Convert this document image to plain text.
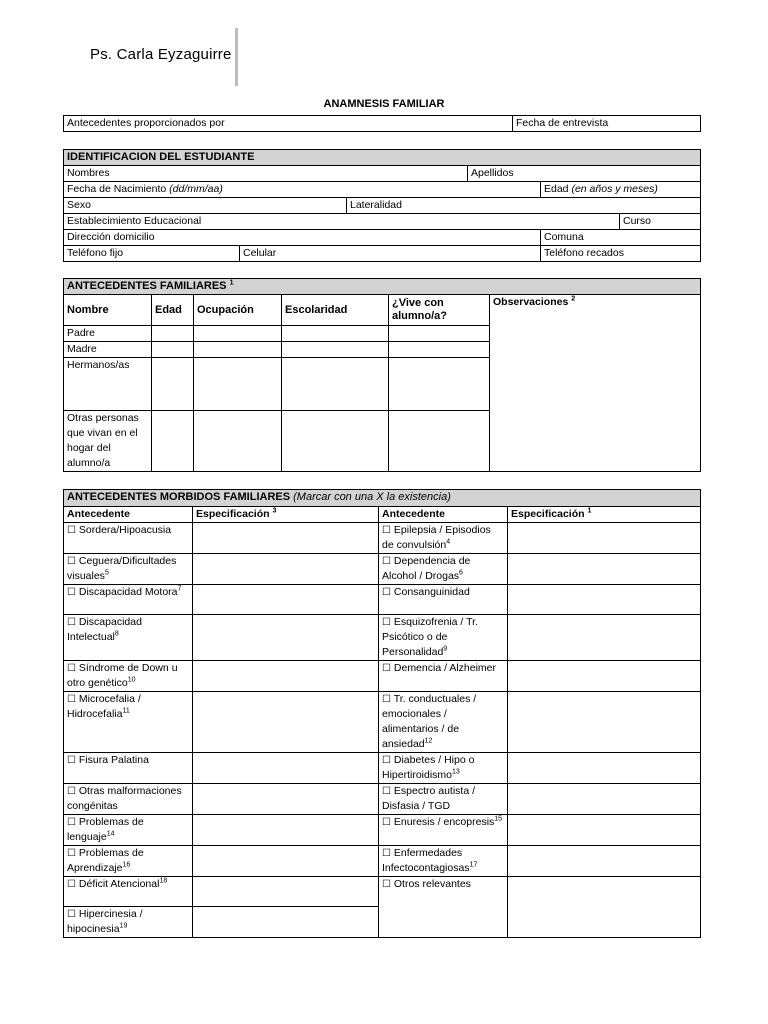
Ps. Carla Eyzaguirre
ANAMNESIS FAMILIAR
Antecedentes proporcionados por	Fecha de entrevista
IDENTIFICACION DEL ESTUDIANTE					
Nombres			Apellidos		
Fecha de Nacimiento (dd/mm/aa)				Edad (en años y meses)	
Sexo		Lateralidad			
Establecimiento Educacional					Curso
Dirección domicilio				Comuna	
Teléfono fijo	Celular			Teléfono recados	
ANTECEDENTES FAMILIARES $^1$
Nombre	Edad	Ocupación	Escolaridad	¿Vive con alumno/a?	Observaciones $^2$
Padre					
Madre					
Hermanos/as					
Otras personas que vivan en el hogar del alumno/a					
ANTECEDENTES MORBIDOS FAMILIARES (Marcar con una X la existencia)			
Antecedente	Especificación $^3$	Antecedente	Especificación $^1$
☐ Sordera/Hipoacusia		☐ Epilepsia / Episodios de convulsión$^4$	
☐ Ceguera/Dificultades visuales$^5$		☐ Dependencia de Alcohol / Drogas$^6$	
☐ Discapacidad Motora$^7$		☐ Consanguinidad	
☐ Discapacidad Intelectual$^8$		☐ Esquizofrenia / Tr. Psicótico o de Personalidad$^9$	
☐ Síndrome de Down u otro genético$^{10}$		☐ Demencia / Alzheimer	
☐ Microcefalia / Hidrocefalia$^{11}$		☐ Tr. conductuales / emocionales / alimentarios / de ansiedad$^{12}$	
☐ Fisura Palatina		☐ Diabetes / Hipo o Hipertiroidismo$^{13}$	
☐ Otras malformaciones congénitas		☐ Espectro autista / Disfasia / TGD	
☐ Problemas de lenguaje$^{14}$		☐ Enuresis / encopresis$^{15}$	
☐ Problemas de Aprendizaje$^{16}$		☐ Enfermedades Infectocontagiosas$^{17}$	
☐ Déficit Atencional$^{18}$		☐ Otros relevantes	
☐ Hipercinesia / hipocinesia$^{19}$	
